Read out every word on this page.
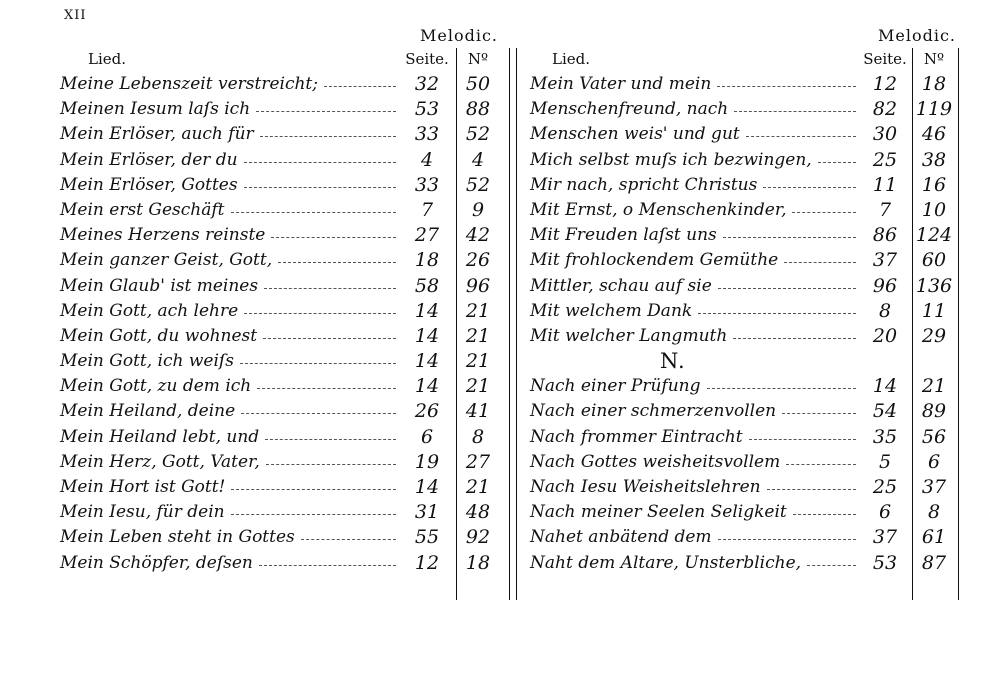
XII
Melodic.
Lied.	Seite.	Nº
Meine Lebenszeit verstreicht;	32	50
Meinen Iesum laſs ich	53	88
Mein Erlöser, auch für	33	52
Mein Erlöser, der du	4	4
Mein Erlöser, Gottes	33	52
Mein erst Geschäft	7	9
Meines Herzens reinste	27	42
Mein ganzer Geist, Gott,	18	26
Mein Glaub' ist meines	58	96
Mein Gott, ach lehre	14	21
Mein Gott, du wohnest	14	21
Mein Gott, ich weiſs	14	21
Mein Gott, zu dem ich	14	21
Mein Heiland, deine	26	41
Mein Heiland lebt, und	6	8
Mein Herz, Gott, Vater,	19	27
Mein Hort ist Gott!	14	21
Mein Iesu, für dein	31	48
Mein Leben steht in Gottes	55	92
Mein Schöpfer, deſsen	12	18
Melodic.
Lied.	Seite.	Nº
Mein Vater und mein	12	18
Menschenfreund, nach	82 119
Menschen weis' und gut	30	46
Mich selbst muſs ich bezwingen,	25	38
Mir nach, spricht Christus	11	16
Mit Ernst, o Menschenkinder,	7	10
Mit Freuden laſst uns	86 124
Mit frohlockendem Gemüthe	37	60
Mittler, schau auf sie	96 136
Mit welchem Dank	8	11
Mit welcher Langmuth	20	29
N.
Nach einer Prüfung	14	21
Nach einer schmerzenvollen	54	89
Nach frommer Eintracht	35	56
Nach Gottes weisheitsvollem	5	6
Nach Iesu Weisheitslehren	25	37
Nach meiner Seelen Seligkeit	6	8
Nahet anbätend dem	37	61
Naht dem Altare, Unsterbliche,	53	87
